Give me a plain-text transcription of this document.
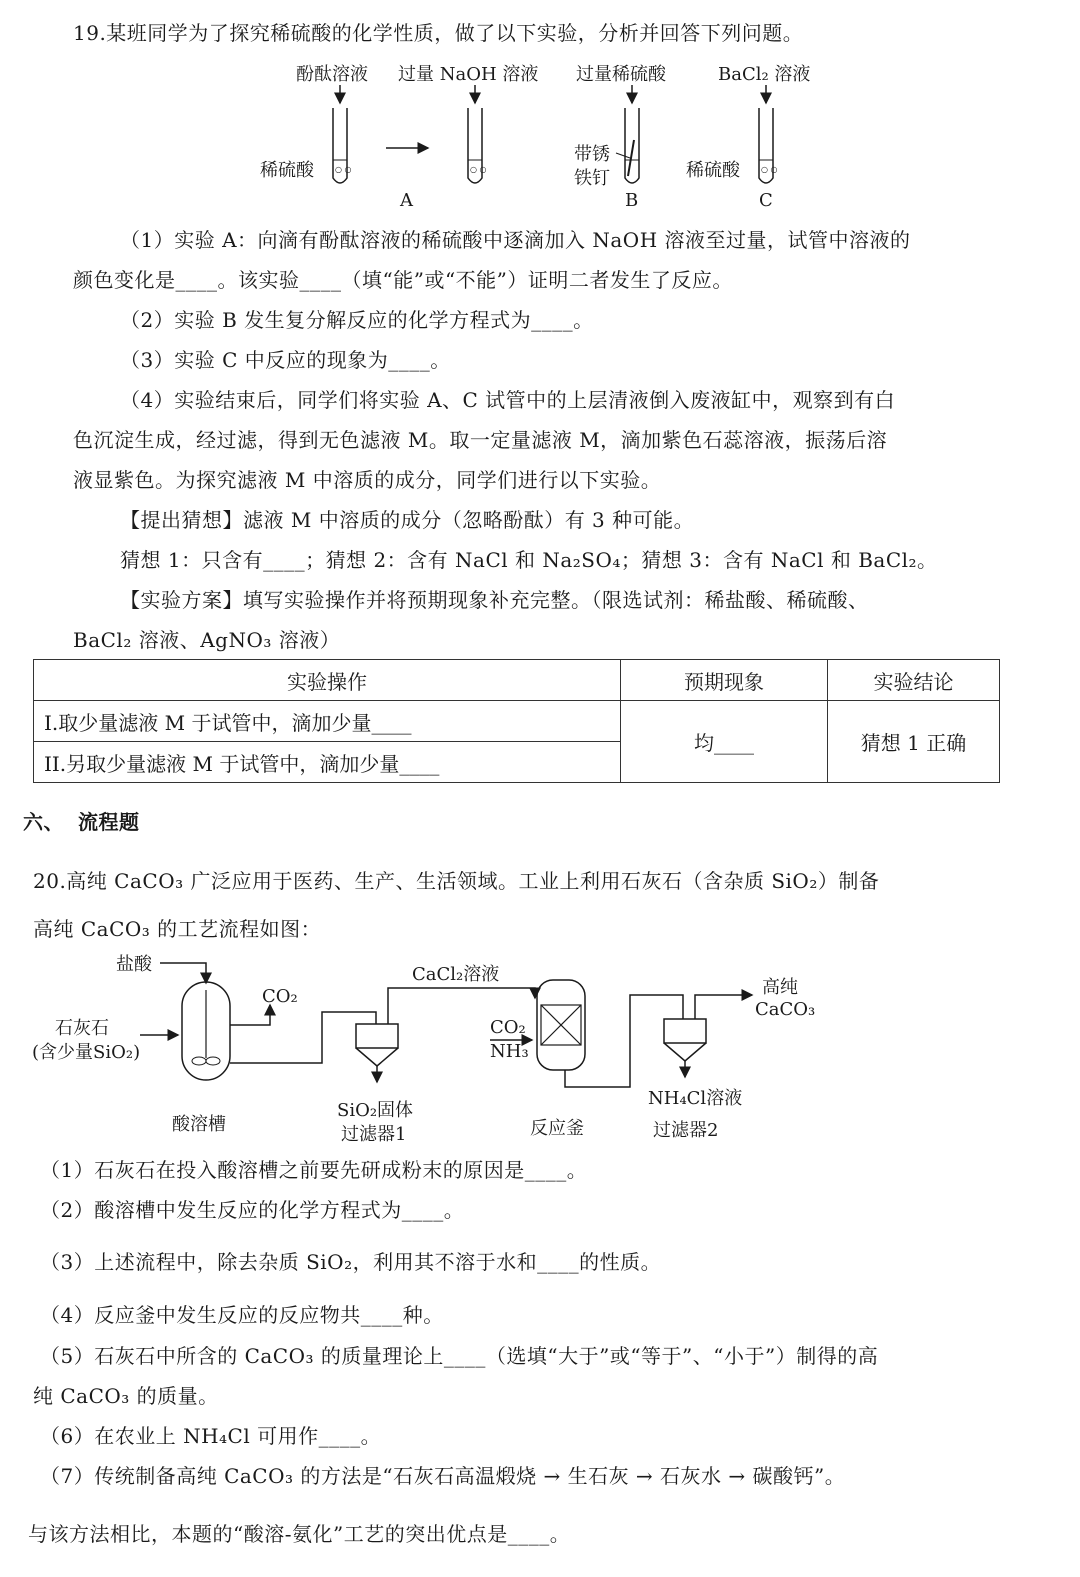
19.某班同学为了探究稀硫酸的化学性质，做了以下实验，分析并回答下列问题。
酚酞溶液 过量 NaOH 溶液 过量稀硫酸	BaCl₂ 溶液
○ ○
稀硫酸	○ ○
A
带锈
铁钉
B
○ ○
稀硫酸
C
（1）实验 A：向滴有酚酞溶液的稀硫酸中逐滴加入 NaOH 溶液至过量，试管中溶液的
颜色变化是____。该实验____（填“能”或“不能”）证明二者发生了反应。
（2）实验 B 发生复分解反应的化学方程式为____。
（3）实验 C 中反应的现象为____。
（4）实验结束后，同学们将实验 A、C 试管中的上层清液倒入废液缸中，观察到有白
色沉淀生成，经过滤，得到无色滤液 M。取一定量滤液 M，滴加紫色石蕊溶液，振荡后溶
液显紫色。为探究滤液 M 中溶质的成分，同学们进行以下实验。
【提出猜想】滤液 M 中溶质的成分（忽略酚酞）有 3 种可能。
猜想 1：只含有____；猜想 2：含有 NaCl 和 Na₂SO₄；猜想 3：含有 NaCl 和 BaCl₂。
【实验方案】填写实验操作并将预期现象补充完整。（限选试剂：稀盐酸、稀硫酸、
BaCl₂ 溶液、AgNO₃ 溶液）
实验操作	预期现象	实验结论
I.取少量滤液 M 于试管中，滴加少量____	均____	猜想 1 正确
II.另取少量滤液 M 于试管中，滴加少量____		
六、 流程题
20.高纯 CaCO₃ 广泛应用于医药、生产、生活领域。工业上利用石灰石（含杂质 SiO₂）制备
高纯 CaCO₃ 的工艺流程如图：
盐酸
石灰石
(含少量SiO₂)
CO₂
CaCl₂溶液
CO₂
NH₃
高纯
CaCO₃
酸溶槽
SiO₂固体
过滤器1	反应釜
NH₄Cl溶液
过滤器2
（1）石灰石在投入酸溶槽之前要先研成粉末的原因是____。
（2）酸溶槽中发生反应的化学方程式为____。
（3）上述流程中，除去杂质 SiO₂，利用其不溶于水和____的性质。
（4）反应釜中发生反应的反应物共____种。
（5）石灰石中所含的 CaCO₃ 的质量理论上____（选填“大于”或“等于”、“小于”）制得的高
纯 CaCO₃ 的质量。
（6）在农业上 NH₄Cl 可用作____。
（7）传统制备高纯 CaCO₃ 的方法是“石灰石高温煅烧 → 生石灰 → 石灰水 → 碳酸钙”。
与该方法相比，本题的“酸溶-氨化”工艺的突出优点是____。
